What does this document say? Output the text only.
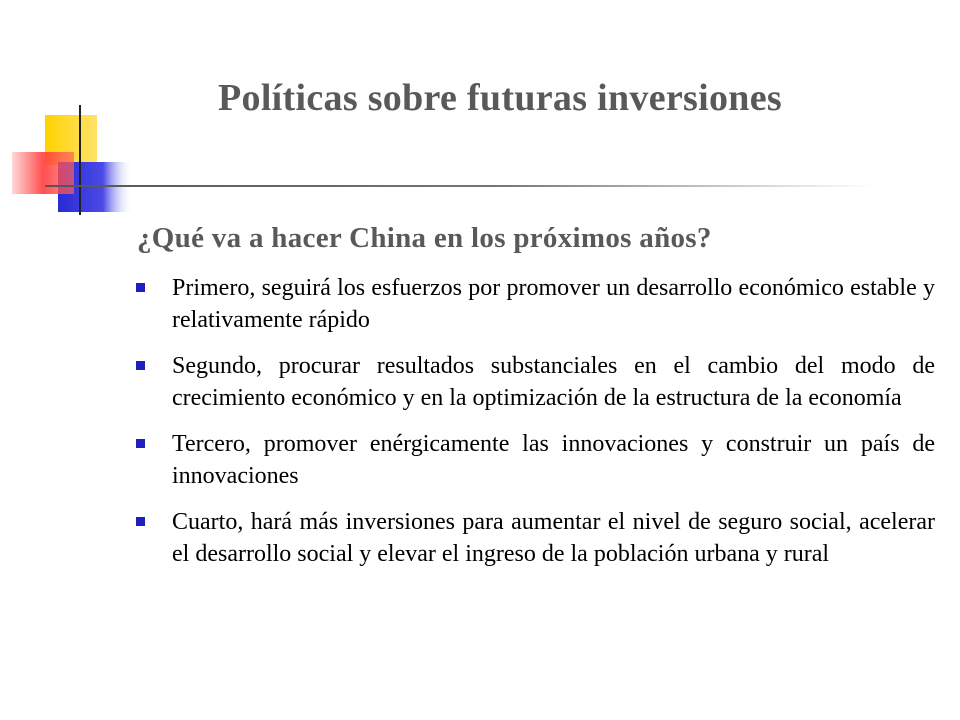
Políticas sobre futuras inversiones
¿Qué va a hacer China en los próximos años?
Primero, seguirá los esfuerzos por promover un desarrollo económico estable y relativamente rápido
Segundo, procurar resultados substanciales en el cambio del modo de crecimiento económico y en la optimización de la estructura de la economía
Tercero, promover enérgicamente las innovaciones y construir un país de innovaciones
Cuarto, hará más inversiones para aumentar el nivel de seguro social, acelerar el desarrollo social y elevar el ingreso de la población urbana y rural
